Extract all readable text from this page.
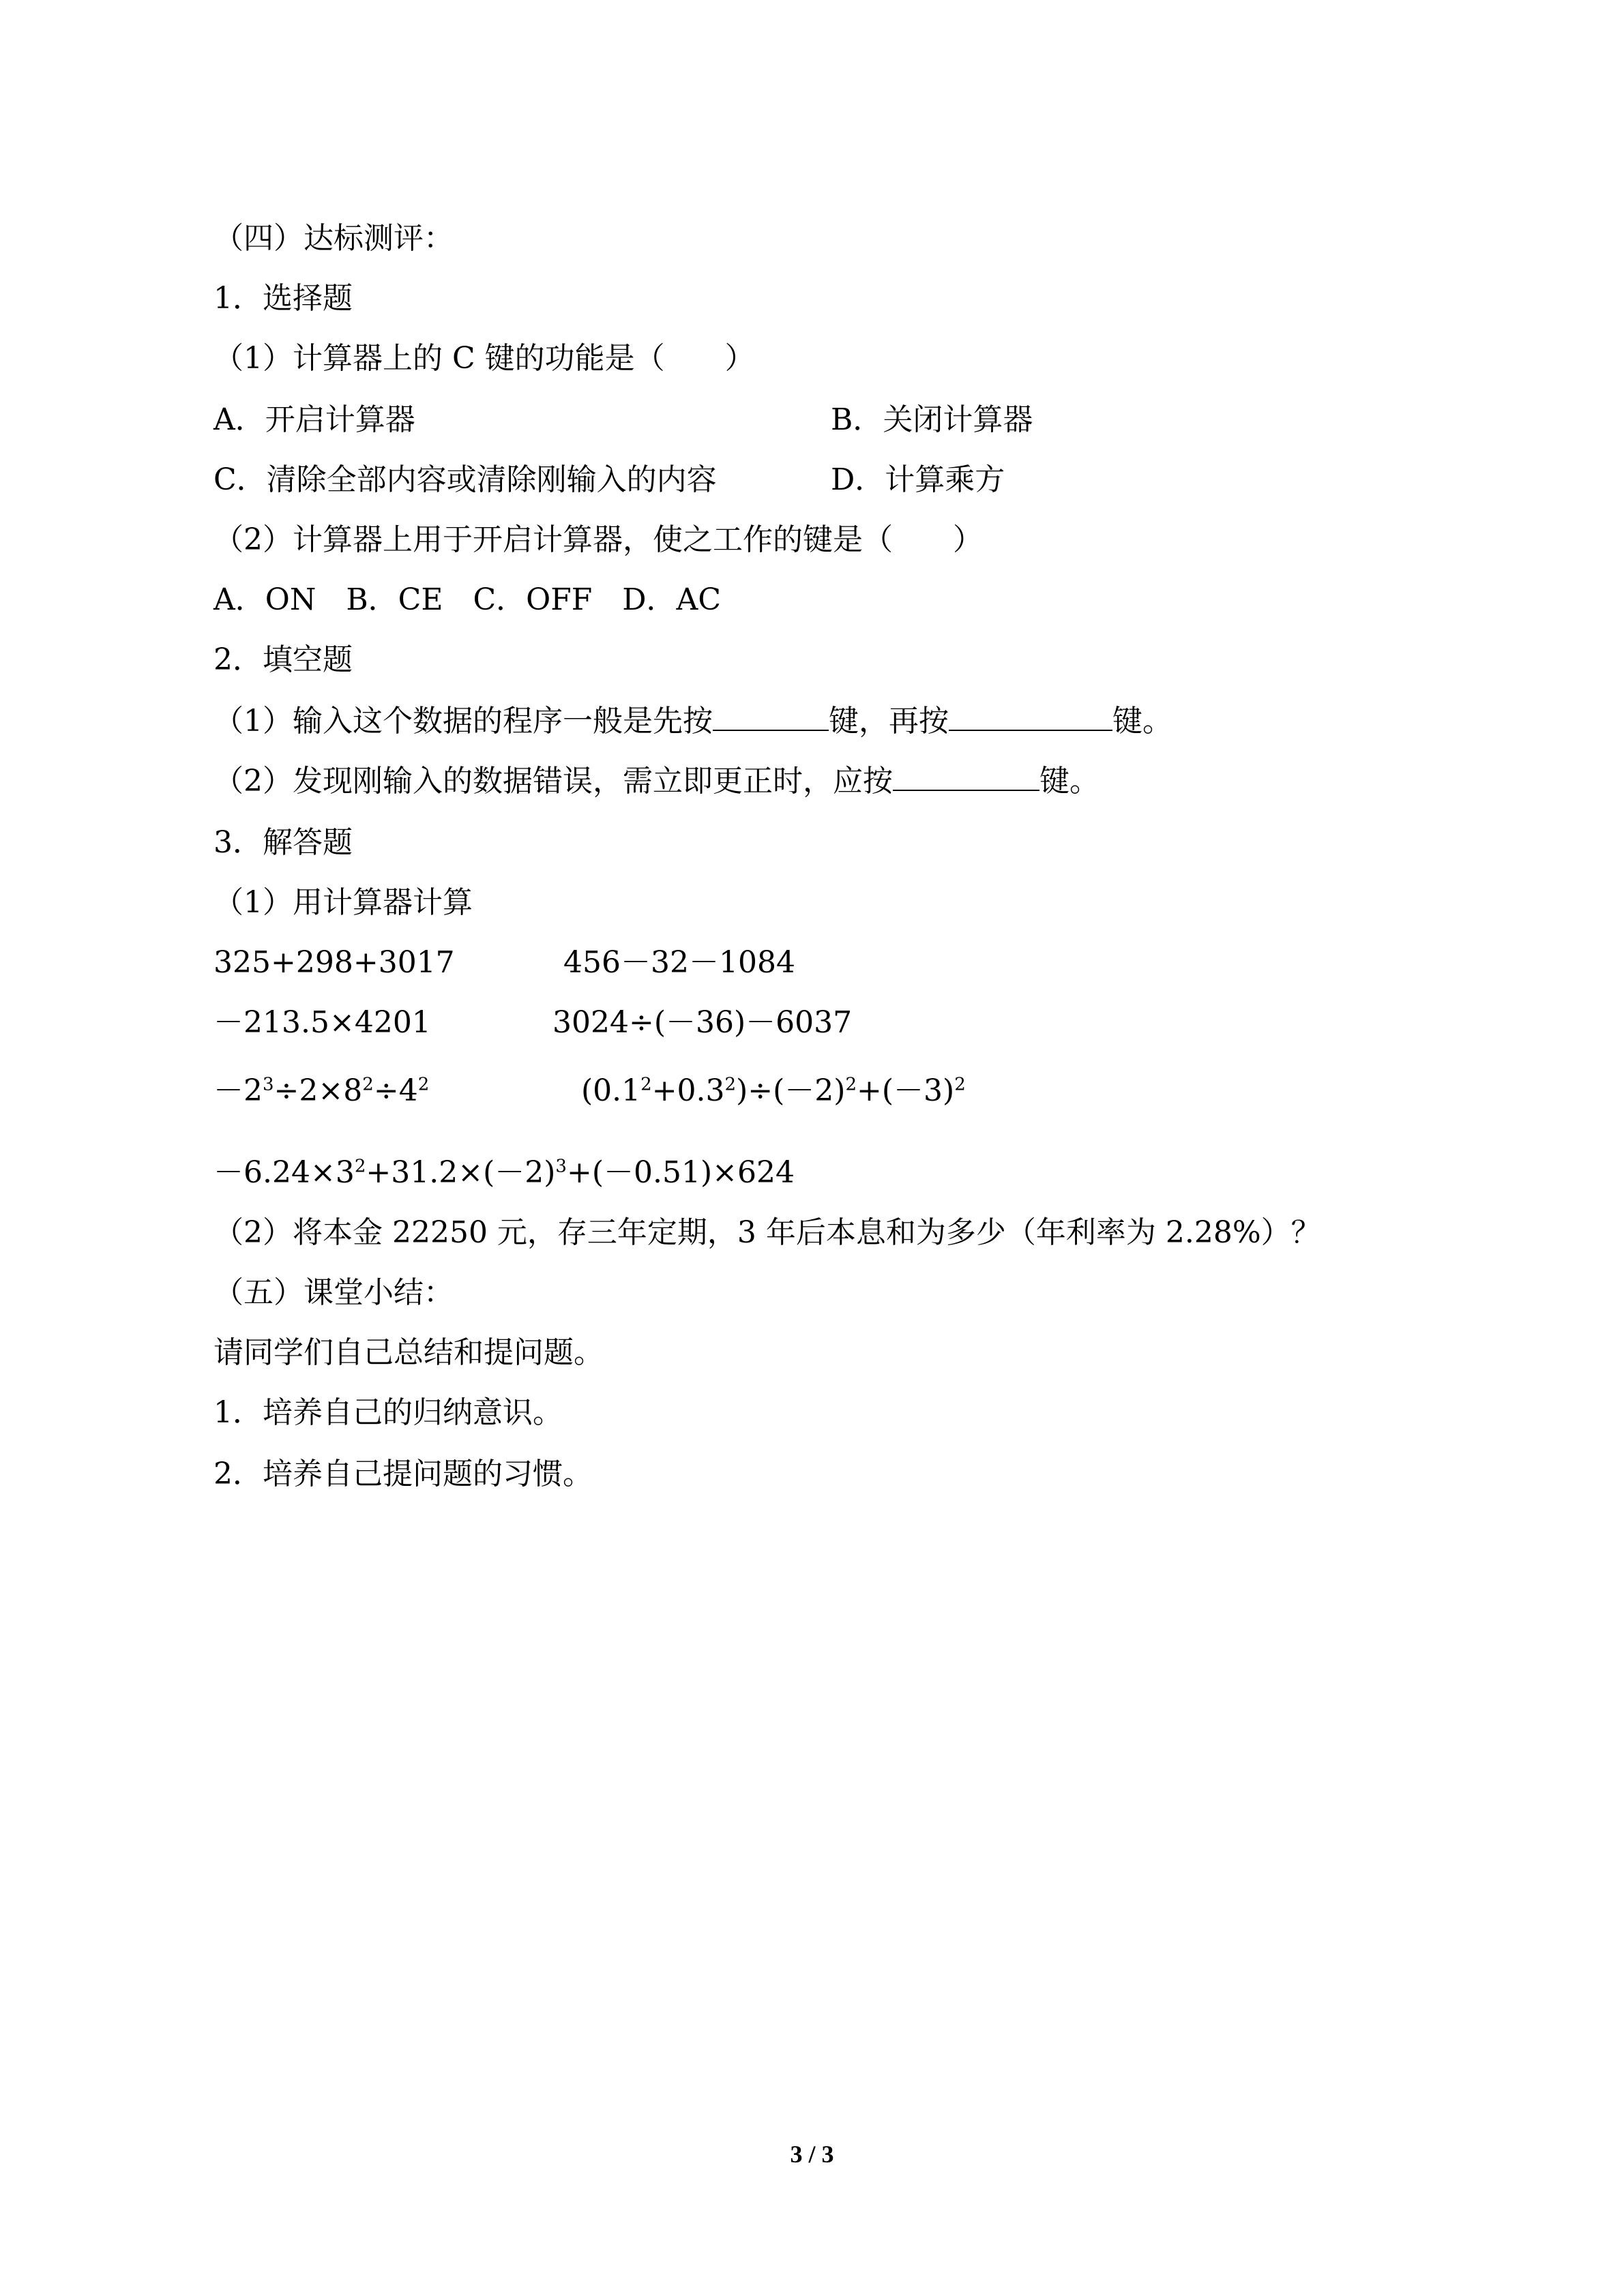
（四）达标测评：
1．选择题
（1）计算器上的 C 键的功能是（　　）
A．开启计算器	B．关闭计算器
C．清除全部内容或清除刚输入的内容	D．计算乘方
（2）计算器上用于开启计算器，使之工作的键是（　　）
A．ON　B．CE　C．OFF　D．AC
2．填空题
（1）输入这个数据的程序一般是先按	键，再按	键。
（2）发现刚输入的数据错误，需立即更正时，应按	键。
3．解答题
（1）用计算器计算
325+298+3017	456－32－1084
－213.5×4201	3024÷(－36)－6037
$-2^3\div 2\times 8^2\div 4^2$	$(0.1^2+0.3^2)\div(-2)^2+(-3)^2$
$-6.24\times 3^2+31.2\times(-2)^3+(-0.51)\times 624$
（2）将本金 22250 元，存三年定期，3 年后本息和为多少（年利率为 2.28%）？
（五）课堂小结：
请同学们自己总结和提问题。
1．培养自己的归纳意识。
2．培养自己提问题的习惯。
3 / 3
